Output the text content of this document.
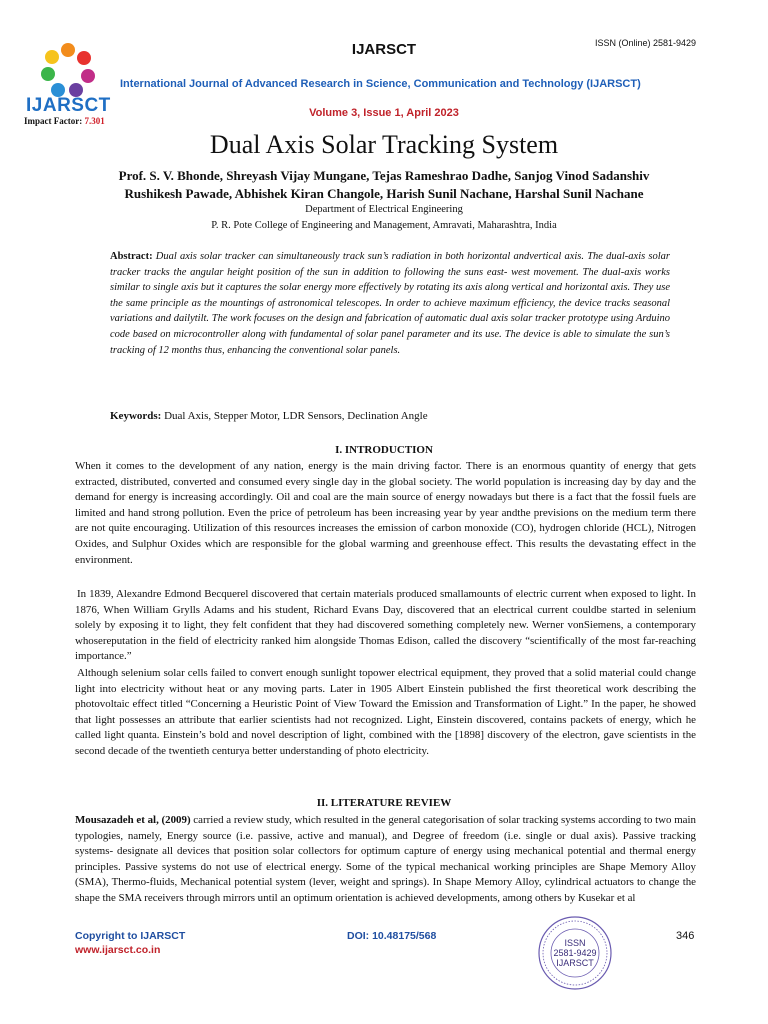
IJARSCT
Impact Factor: 7.301
IJARSCT	ISSN (Online) 2581-9429
International Journal of Advanced Research in Science, Communication and Technology (IJARSCT)
Volume 3, Issue 1, April 2023
Dual Axis Solar Tracking System
Prof. S. V. Bhonde, Shreyash Vijay Mungane, Tejas Rameshrao Dadhe, Sanjog Vinod Sadanshiv
Rushikesh Pawade, Abhishek Kiran Changole, Harish Sunil Nachane, Harshal Sunil Nachane
Department of Electrical Engineering
P. R. Pote College of Engineering and Management, Amravati, Maharashtra, India
Abstract: Dual axis solar tracker can simultaneously track sun’s radiation in both horizontal andvertical axis. The dual-axis solar tracker tracks the angular height position of the sun in addition to following the suns east- west movement. The dual-axis works similar to single axis but it captures the solar energy more effectively by rotating its axis along vertical and horizontal axis. They use the same principle as the mountings of astronomical telescopes. In order to achieve maximum efficiency, the device tracks seasonal variations and dailytilt. The work focuses on the design and fabrication of automatic dual axis solar tracker prototype using Arduino code based on microcontroller along with fundamental of solar panel parameter and its use. The device is able to simulate the sun’s tracking of 12 months thus, enhancing the conventional solar panels.
Keywords: Dual Axis, Stepper Motor, LDR Sensors, Declination Angle
I. INTRODUCTION
When it comes to the development of any nation, energy is the main driving factor. There is an enormous quantity of energy that gets extracted, distributed, converted and consumed every single day in the global society. The world population is increasing day by day and the demand for energy is increasing accordingly. Oil and coal are the main source of energy nowadays but there is a fact that the fossil fuels are limited and hand strong pollution. Even the price of petroleum has been increasing year by year andthe previsions on the medium term there are not quite encouraging. Utilization of this resources increases the emission of carbon monoxide (CO), hydrogen chloride (HCL), Nitrogen Oxides, and Sulphur Oxides which are responsible for the global warming and greenhouse effect. This results the devastating effect in the environment.
In 1839, Alexandre Edmond Becquerel discovered that certain materials produced smallamounts of electric current when exposed to light. In 1876, When William Grylls Adams and his student, Richard Evans Day, discovered that an electrical current couldbe started in selenium solely by exposing it to light, they felt confident that they had discovered something completely new. Werner vonSiemens, a contemporary whosereputation in the field of electricity ranked him alongside Thomas Edison, called the discovery “scientifically of the most far-reaching importance.”
Although selenium solar cells failed to convert enough sunlight topower electrical equipment, they proved that a solid material could change light into electricity without heat or any moving parts. Later in 1905 Albert Einstein published the first theoretical work describing the photovoltaic effect titled “Concerning a Heuristic Point of View Toward the Emission and Transformation of Light.” In the paper, he showed that light possesses an attribute that earlier scientists had not recognized. Light, Einstein discovered, contains packets of energy, which he called light quanta. Einstein’s bold and novel description of light, combined with the [1898] discovery of the electron, gave scientists in the second decade of the twentieth centurya better understanding of photo electricity.
II. LITERATURE REVIEW
Mousazadeh et al, (2009) carried a review study, which resulted in the general categorisation of solar tracking systems according to two main typologies, namely, Energy source (i.e. passive, active and manual), and Degree of freedom (i.e. single or dual axis). Passive tracking systems- designate all devices that position solar collectors for optimum capture of energy using mechanical potential and thermal energy principles. Passive systems do not use of electrical energy. Some of the typical mechanical working principles are Shape Memory Alloy (SMA), Thermo-fluids, Mechanical potential system (lever, weight and springs). In Shape Memory Alloy, cylindrical actuators to change the shape the SMA receivers through mirrors until an optimum orientation is achieved developments, among others by Kusekar et al
Copyright to IJARSCT
www.ijarsct.co.in
DOI: 10.48175/568	346
ISSN
2581-9429
IJARSCT
